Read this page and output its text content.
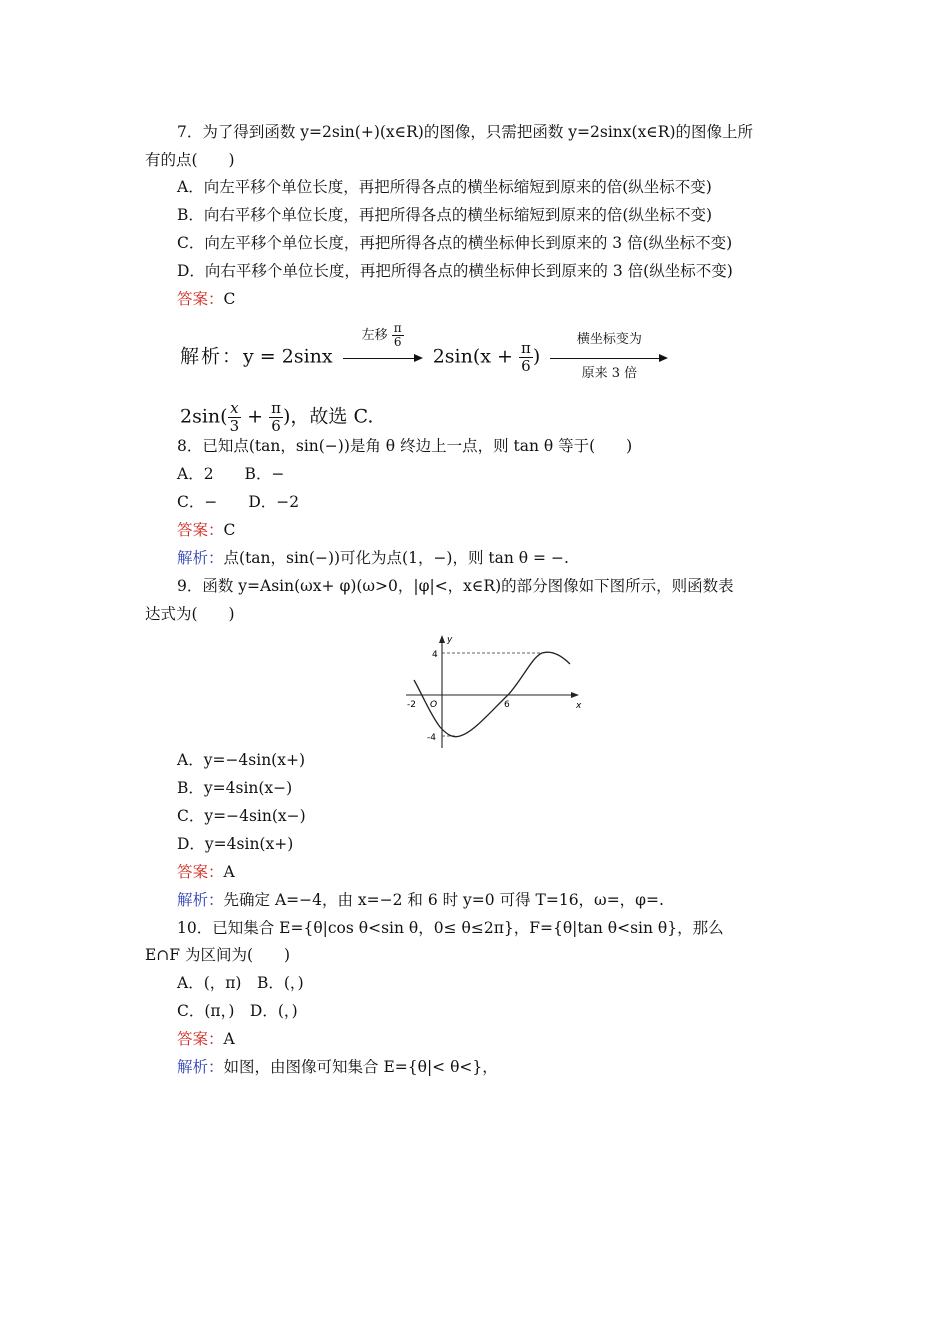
7．为了得到函数 y=2sin(+)(x∈R)的图像，只需把函数 y=2sinx(x∈R)的图像上所
有的点(　　)
A．向左平移个单位长度，再把所得各点的横坐标缩短到原来的倍(纵坐标不变)
B．向右平移个单位长度，再把所得各点的横坐标缩短到原来的倍(纵坐标不变)
C．向左平移个单位长度，再把所得各点的横坐标伸长到原来的 3 倍(纵坐标不变)
D．向右平移个单位长度，再把所得各点的横坐标伸长到原来的 3 倍(纵坐标不变)
答案：C
解析：y = 2sinx
左移 $\frac{\pi}{6}$
$2\sin(x + \frac{\pi}{6}$ )
横坐标变为
原来 3 倍
$2\sin( \frac{x}{3} + \frac{\pi}{6}$ )，故选 C.
8．已知点(tan，sin(−))是角 θ 终边上一点，则 tan θ 等于(　　)
A．2　　B．−
C．−　　D．−2
答案：C
解析：点(tan，sin(−))可化为点(1，−)，则 tan θ = −.
9．函数 y=Asin(ωx+ φ)(ω>0，|φ|<，x∈R)的部分图像如下图所示，则函数表
达式为(　　)
y
x
O
4
-4
-2	6
A．y=−4sin(x+)
B．y=4sin(x−)
C．y=−4sin(x−)
D．y=4sin(x+)
答案：A
解析：先确定 A=−4，由 x=−2 和 6 时 y=0 可得 T=16，ω=，φ=.
10．已知集合 E={θ|cos θ<sin θ，0≤ θ≤2π}，F={θ|tan θ<sin θ}，那么
E∩F 为区间为(　　)
A．(，π)　B．(，)
C．(π，)　D．(，)
答案：A
解析：如图，由图像可知集合 E={θ|< θ<}，
